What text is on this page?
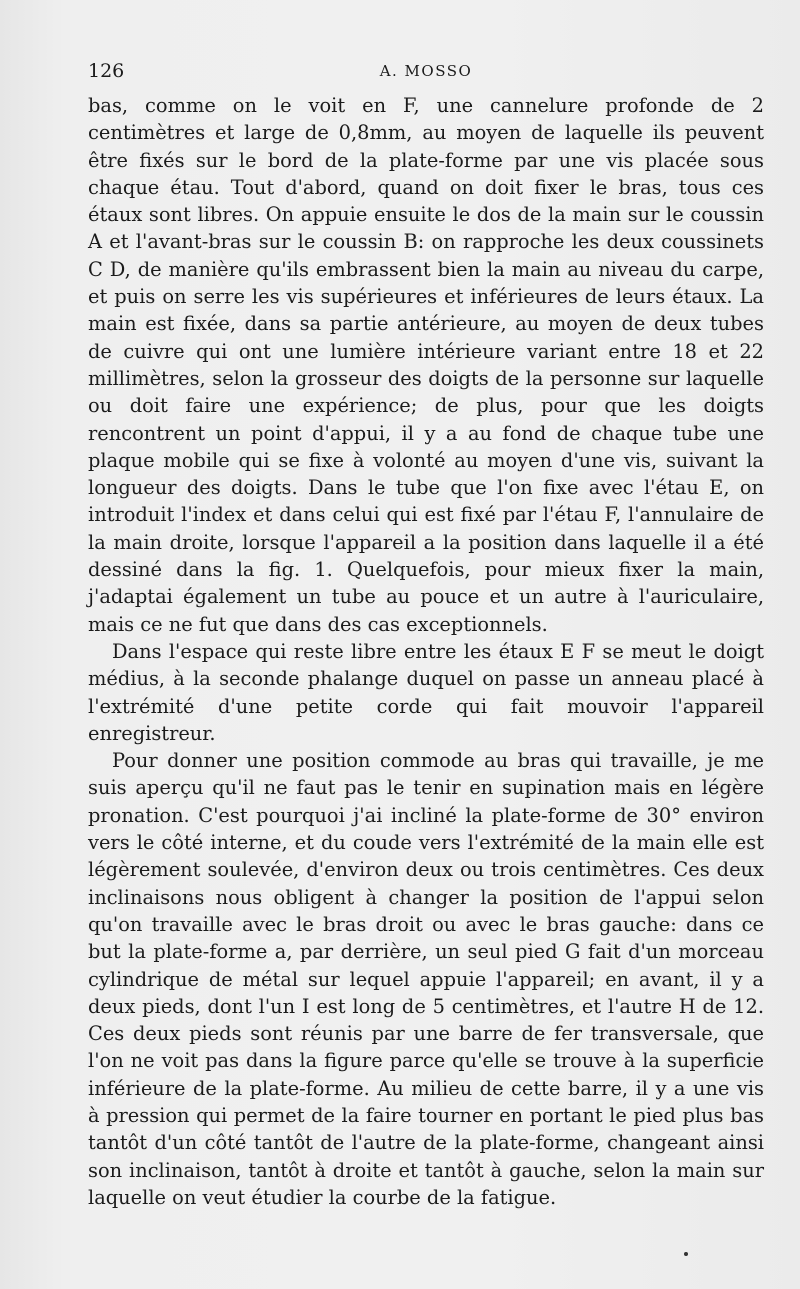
126	A. MOSSO

bas, comme on le voit en F, une cannelure profonde de 2 centimètres et large de 0,8mm, au moyen de laquelle ils peuvent être fixés sur le bord de la plate-forme par une vis placée sous chaque étau. Tout d'abord, quand on doit fixer le bras, tous ces étaux sont libres. On appuie ensuite le dos de la main sur le coussin A et l'avant-bras sur le coussin B: on rapproche les deux coussinets C D, de manière qu'ils embrassent bien la main au niveau du carpe, et puis on serre les vis supérieures et inférieures de leurs étaux. La main est fixée, dans sa partie antérieure, au moyen de deux tubes de cuivre qui ont une lumière intérieure variant entre 18 et 22 millimètres, selon la grosseur des doigts de la personne sur laquelle ou doit faire une expérience; de plus, pour que les doigts rencontrent un point d'appui, il y a au fond de chaque tube une plaque mobile qui se fixe à volonté au moyen d'une vis, suivant la longueur des doigts. Dans le tube que l'on fixe avec l'étau E, on introduit l'index et dans celui qui est fixé par l'étau F, l'annulaire de la main droite, lorsque l'appareil a la position dans laquelle il a été dessiné dans la fig. 1. Quelquefois, pour mieux fixer la main, j'adaptai également un tube au pouce et un autre à l'auriculaire, mais ce ne fut que dans des cas exceptionnels.

Dans l'espace qui reste libre entre les étaux E F se meut le doigt médius, à la seconde phalange duquel on passe un anneau placé à l'extrémité d'une petite corde qui fait mouvoir l'appareil enregistreur.

Pour donner une position commode au bras qui travaille, je me suis aperçu qu'il ne faut pas le tenir en supination mais en légère pronation. C'est pourquoi j'ai incliné la plate-forme de 30° environ vers le côté interne, et du coude vers l'extrémité de la main elle est légèrement soulevée, d'environ deux ou trois centimètres. Ces deux inclinaisons nous obligent à changer la position de l'appui selon qu'on travaille avec le bras droit ou avec le bras gauche: dans ce but la plate-forme a, par derrière, un seul pied G fait d'un morceau cylindrique de métal sur lequel appuie l'appareil; en avant, il y a deux pieds, dont l'un I est long de 5 centimètres, et l'autre H de 12. Ces deux pieds sont réunis par une barre de fer transversale, que l'on ne voit pas dans la figure parce qu'elle se trouve à la superficie inférieure de la plate-forme. Au milieu de cette barre, il y a une vis à pression qui permet de la faire tourner en portant le pied plus bas tantôt d'un côté tantôt de l'autre de la plate-forme, changeant ainsi son inclinaison, tantôt à droite et tantôt à gauche, selon la main sur laquelle on veut étudier la courbe de la fatigue.
